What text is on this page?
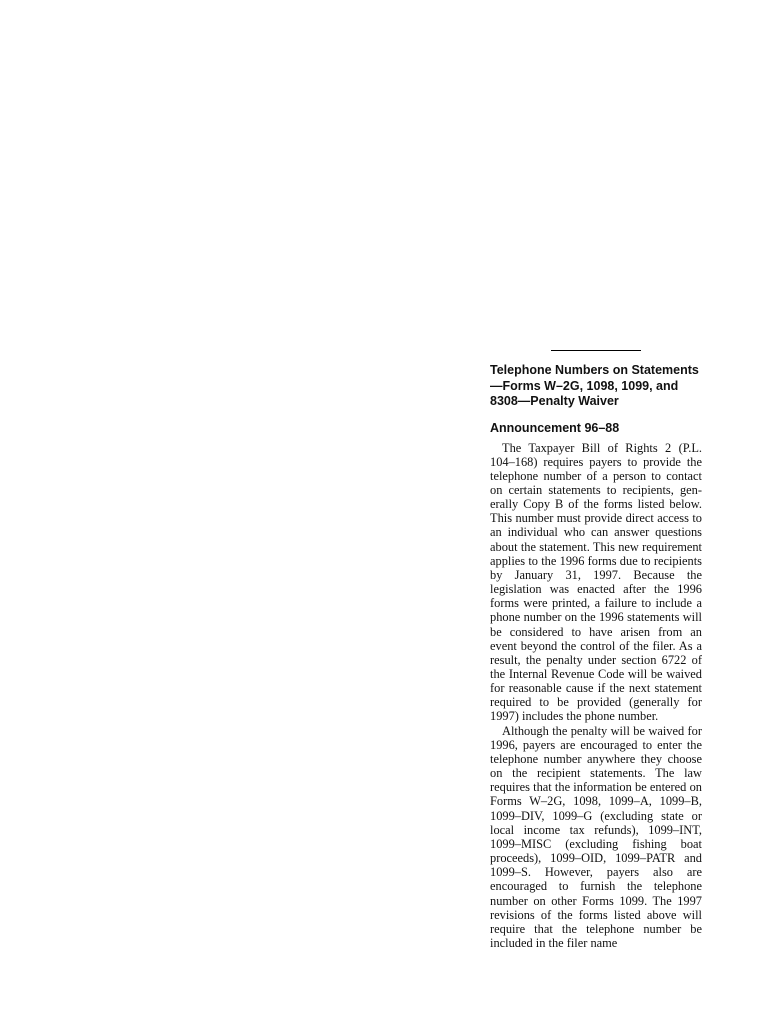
Telephone Numbers on Statements—Forms W–2G, 1098, 1099, and 8308—Penalty Waiver
Announcement 96–88

The Taxpayer Bill of Rights 2 (P.L. 104–168) requires payers to provide the telephone number of a person to contact on certain statements to recipients, generally Copy B of the forms listed below. This number must provide direct access to an individual who can answer questions about the statement. This new requirement applies to the 1996 forms due to recipients by January 31, 1997. Because the legislation was enacted after the 1996 forms were printed, a failure to include a phone number on the 1996 statements will be considered to have arisen from an event beyond the control of the filer. As a result, the penalty under section 6722 of the Internal Revenue Code will be waived for reasonable cause if the next statement required to be provided (generally for 1997) includes the phone number.

Although the penalty will be waived for 1996, payers are encouraged to enter the telephone number anywhere they choose on the recipient statements. The law requires that the information be entered on Forms W–2G, 1098, 1099–A, 1099–B, 1099–DIV, 1099–G (excluding state or local income tax refunds), 1099–INT, 1099–MISC (excluding fishing boat proceeds), 1099–OID, 1099–PATR and 1099–S. However, payers also are encouraged to furnish the telephone number on other Forms 1099. The 1997 revisions of the forms listed above will require that the telephone number be included in the filer name
